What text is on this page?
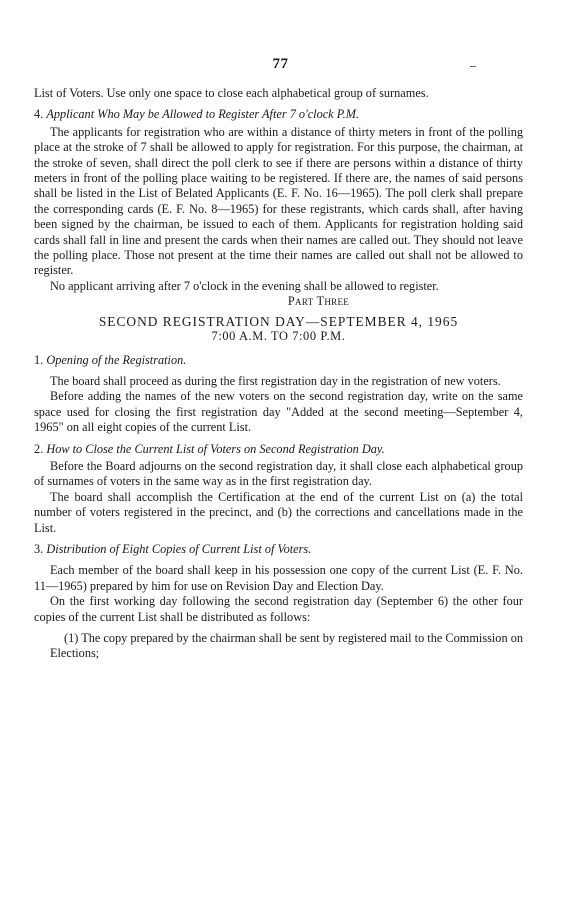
77

List of Voters. Use only one space to close each alphabetical group of surnames.

4. Applicant Who May be Allowed to Register After 7 o'clock P.M.

The applicants for registration who are within a distance of thirty meters in front of the polling place at the stroke of 7 shall be allowed to apply for registration. For this purpose, the chairman, at the stroke of seven, shall direct the poll clerk to see if there are persons within a distance of thirty meters in front of the polling place waiting to be registered. If there are, the names of said persons shall be listed in the List of Belated Applicants (E. F. No. 16—1965). The poll clerk shall prepare the corresponding cards (E. F. No. 8—1965) for these registrants, which cards shall, after having been signed by the chairman, be issued to each of them. Applicants for registration holding said cards shall fall in line and present the cards when their names are called out. They should not leave the polling place. Those not present at the time their names are called out shall not be allowed to register.

No applicant arriving after 7 o'clock in the evening shall be allowed to register.

Part Three

SECOND REGISTRATION DAY—SEPTEMBER 4, 1965

7:00 A.M. TO 7:00 P.M.

1. Opening of the Registration.

The board shall proceed as during the first registration day in the registration of new voters.

Before adding the names of the new voters on the second registration day, write on the same space used for closing the first registration day "Added at the second meeting—September 4, 1965" on all eight copies of the current List.

2. How to Close the Current List of Voters on Second Registration Day.

Before the Board adjourns on the second registration day, it shall close each alphabetical group of surnames of voters in the same way as in the first registration day.

The board shall accomplish the Certification at the end of the current List on (a) the total number of voters registered in the precinct, and (b) the corrections and cancellations made in the List.

3. Distribution of Eight Copies of Current List of Voters.

Each member of the board shall keep in his possession one copy of the current List (E. F. No. 11—1965) prepared by him for use on Revision Day and Election Day.

On the first working day following the second registration day (September 6) the other four copies of the current List shall be distributed as follows:

(1) The copy prepared by the chairman shall be sent by registered mail to the Commission on Elections;
